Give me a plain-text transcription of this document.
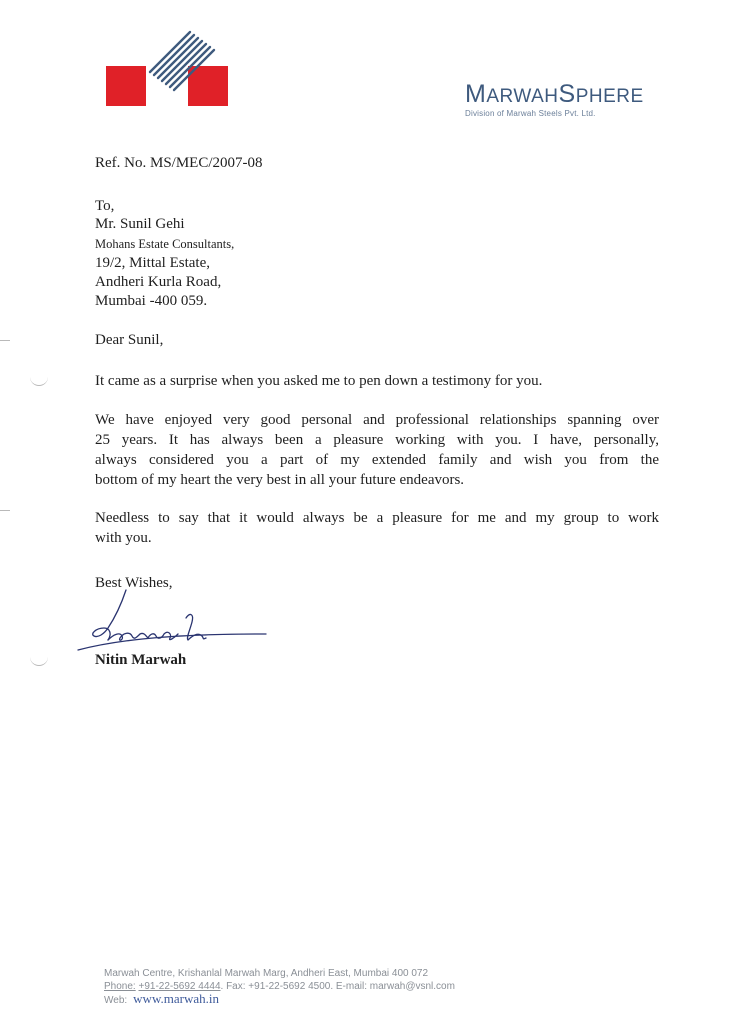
MARWAHSPHERE
Division of Marwah Steels Pvt. Ltd.
Ref. No. MS/MEC/2007-08
To,
Mr. Sunil Gehi
Mohans Estate Consultants,
19/2, Mittal Estate,
Andheri Kurla Road,
Mumbai -400 059.
Dear Sunil,
It came as a surprise when you asked me to pen down a testimony for you.
We have enjoyed very good personal and professional relationships spanning over
25 years. It has always been a pleasure working with you. I have, personally,
always considered you a part of my extended family and wish you from the
bottom of my heart the very best in all your future endeavors.
Needless to say that it would always be a pleasure for me and my group to work
with you.
Best Wishes,
Nitin Marwah
Marwah Centre, Krishanlal Marwah Marg, Andheri East, Mumbai 400 072
Phone: +91-22-5692 4444. Fax: +91-22-5692 4500. E-mail: marwah@vsnl.com
Web: www.marwah.in
